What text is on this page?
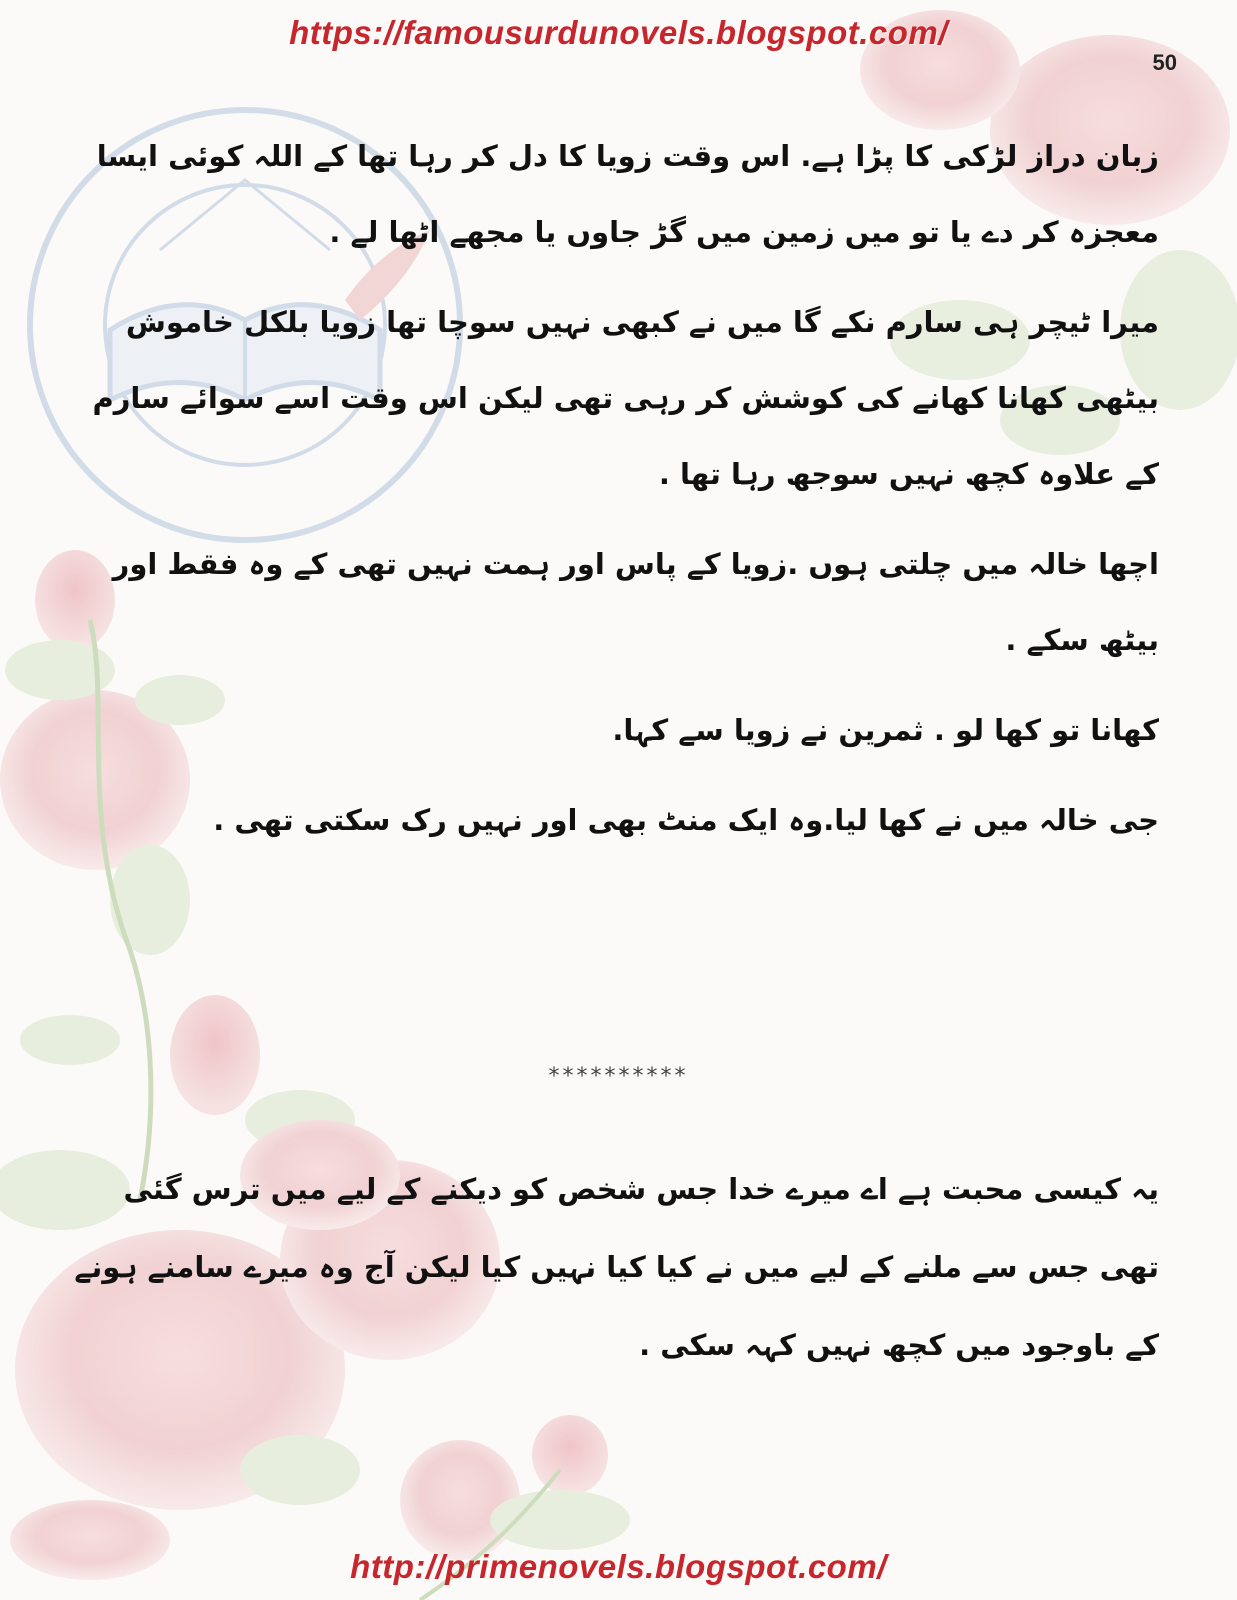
https://famousurdunovels.blogspot.com/
50

زبان دراز لڑکی کا پڑا ہے. اس وقت زویا کا دل کر رہا تھا کے اللہ کوئی ایسا معجزہ کر دے یا تو میں زمین میں گڑ جاوں یا مجھے اٹھا لے .

میرا ٹیچر ہی سارم نکے گا میں نے کبھی نہیں سوچا تھا زویا بلکل خاموش بیٹھی کھانا کھانے کی کوشش کر رہی تھی لیکن اس وقت اسے سوائے سارم کے علاوہ کچھ نہیں سوجھ رہا تھا .

اچھا خالہ میں چلتی ہوں .زویا کے پاس اور ہمت نہیں تھی کے وہ فقط اور بیٹھ سکے .

کھانا تو کھا لو . ثمرین نے زویا سے کہا.

جی خالہ میں نے کھا لیا.وہ ایک منٹ بھی اور نہیں رک سکتی تھی .

**********

یہ کیسی محبت ہے اے میرے خدا جس شخص کو دیکنے کے لیے میں ترس گئی تھی جس سے ملنے کے لیے میں نے کیا کیا نہیں کیا لیکن آج وہ میرے سامنے ہونے کے باوجود میں کچھ نہیں کہہ سکی .

http://primenovels.blogspot.com/
